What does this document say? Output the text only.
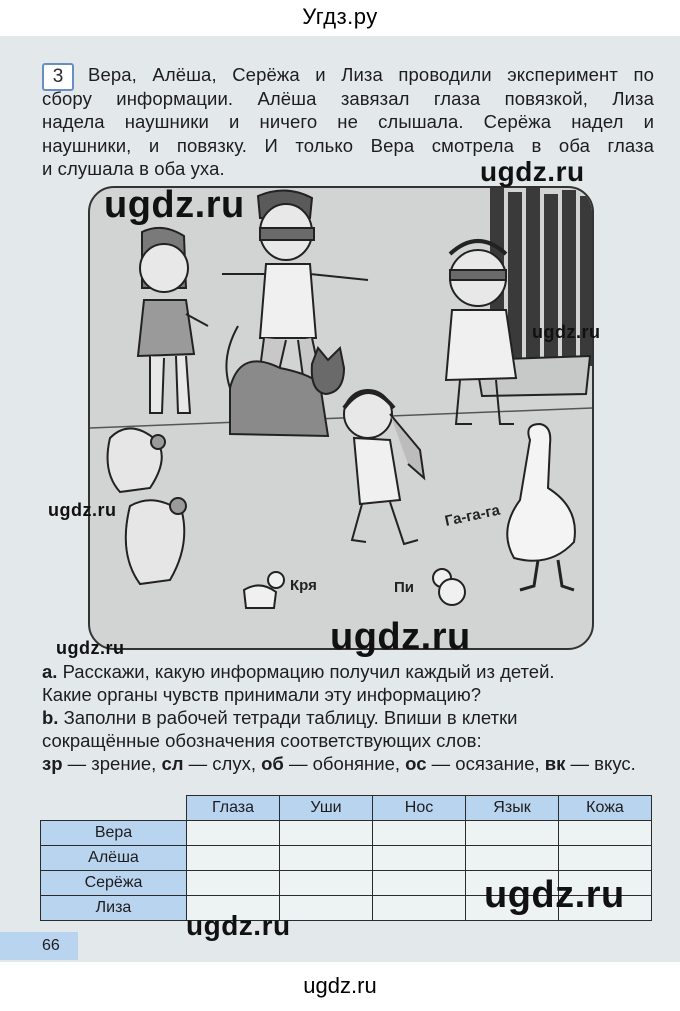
Угдз.ру
3	Вера, Алёша, Серёжа и Лиза проводили эксперимент по
сбору информации. Алёша завязал глаза повязкой, Лиза
надела наушники и ничего не слышала. Серёжа надел и
наушники, и повязку. И только Вера смотрела в оба глаза
и слушала в оба уха.
Кря	Пи
Га-га-га
ugdz.ru
ugdz.ru
ugdz.ru
ugdz.ru
ugdz.ru
ugdz.ru
a. Расскажи, какую информацию получил каждый из детей.
Какие органы чувств принимали эту информацию?
b. Заполни в рабочей тетради таблицу. Впиши в клетки
сокращённые обозначения соответствующих слов:
зр — зрение, сл — слух, об — обоняние, ос — осязание, вк — вкус.
	Глаза	Уши	Нос	Язык	Кожа
Вера					
Алёша					
Серёжа					
Лиза						ugdz.ru
ugdz.ru
66
ugdz.ru
